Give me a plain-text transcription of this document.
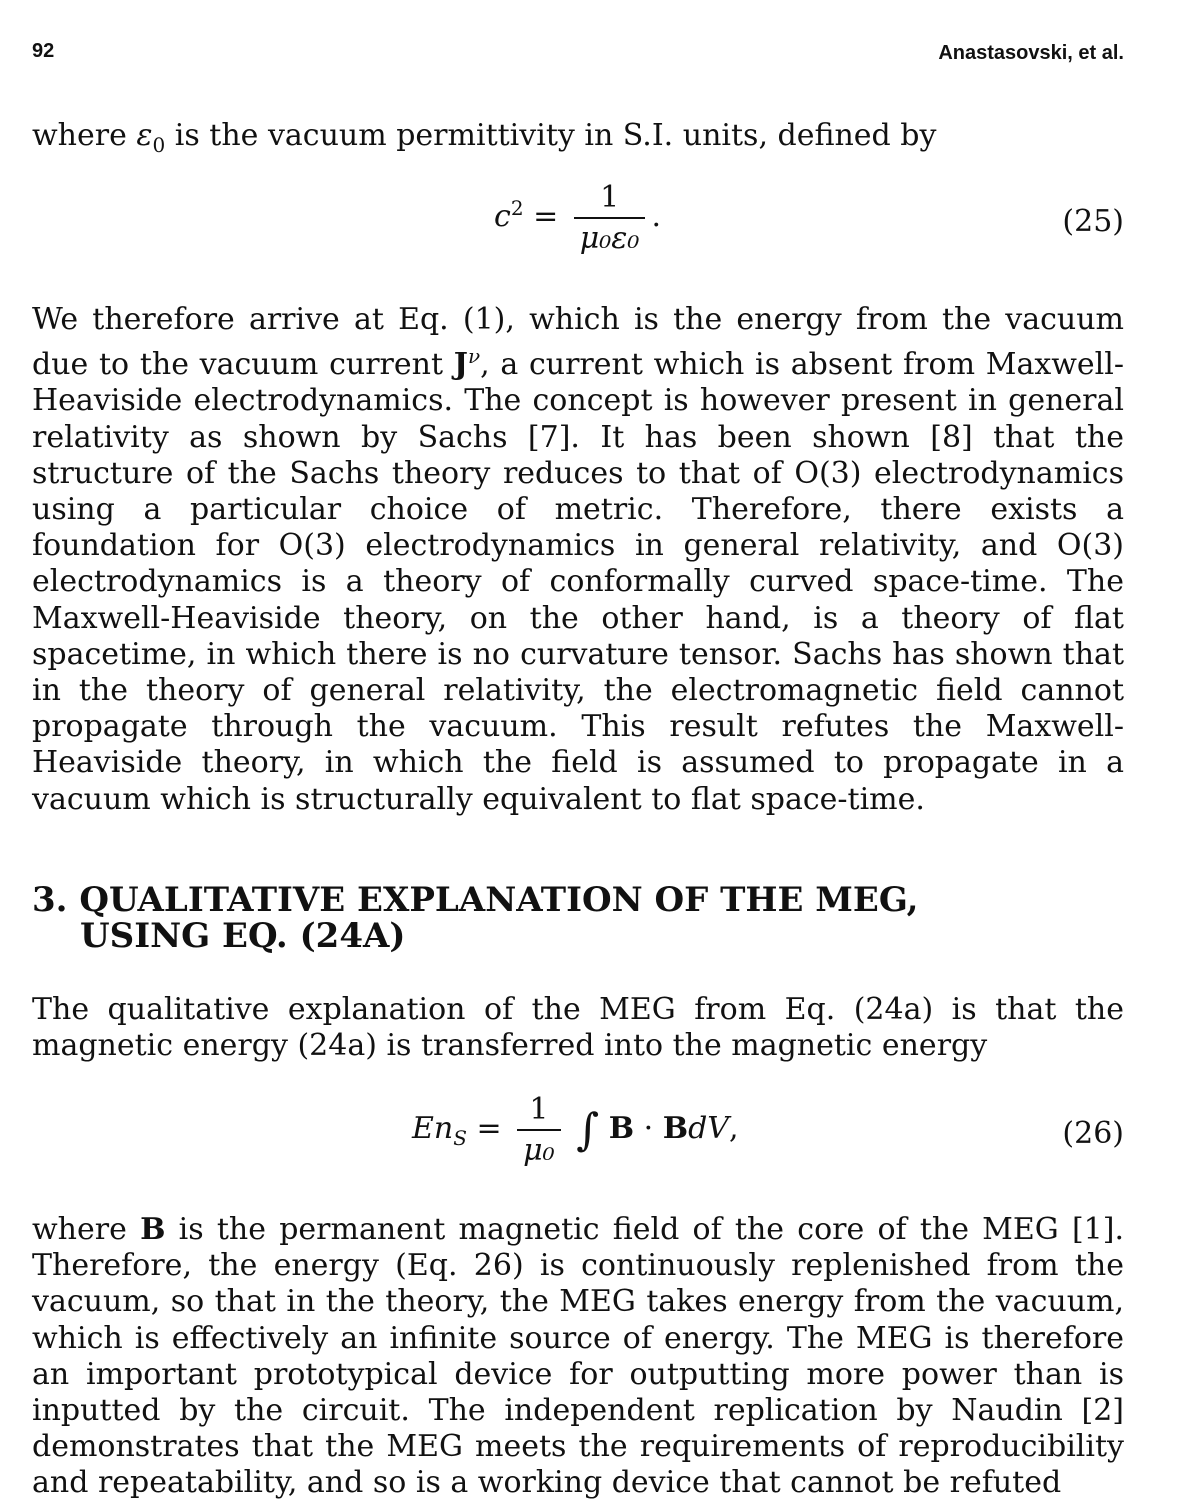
92	Anastasovski, et al.

where $\varepsilon_0$ is the vacuum permittivity in S.I. units, defined by

$c^2 = \frac{1}{\text{μ₀ε₀}}$ .	(25)

We therefore arrive at Eq. (1), which is the energy from the vacuum due to the vacuum current $J^\nu$, a current which is absent from Maxwell-Heaviside electrodynamics. The concept is however present in general relativity as shown by Sachs [7]. It has been shown [8] that the structure of the Sachs theory reduces to that of O(3) electrodynamics using a particular choice of metric. Therefore, there exists a foundation for O(3) electrodynamics in general relativity, and O(3) electrodynamics is a theory of conformally curved space-time. The Maxwell-Heaviside theory, on the other hand, is a theory of flat spacetime, in which there is no curvature tensor. Sachs has shown that in the theory of general relativity, the electromagnetic field cannot propagate through the vacuum. This result refutes the Maxwell-Heaviside theory, in which the field is assumed to propagate in a vacuum which is structurally equivalent to flat space-time.

3. QUALITATIVE EXPLANATION OF THE MEG,
USING EQ. (24A)

The qualitative explanation of the MEG from Eq. (24a) is that the magnetic energy (24a) is transferred into the magnetic energy

$En_S = \frac{1}{\text{μ₀}}$ ∫ B · BdV,	(26)

where B is the permanent magnetic field of the core of the MEG [1]. Therefore, the energy (Eq. 26) is continuously replenished from the vacuum, so that in the theory, the MEG takes energy from the vacuum, which is effectively an infinite source of energy. The MEG is therefore an important prototypical device for outputting more power than is inputted by the circuit. The independent replication by Naudin [2] demonstrates that the MEG meets the requirements of reproducibility and repeatability, and so is a working device that cannot be refuted
